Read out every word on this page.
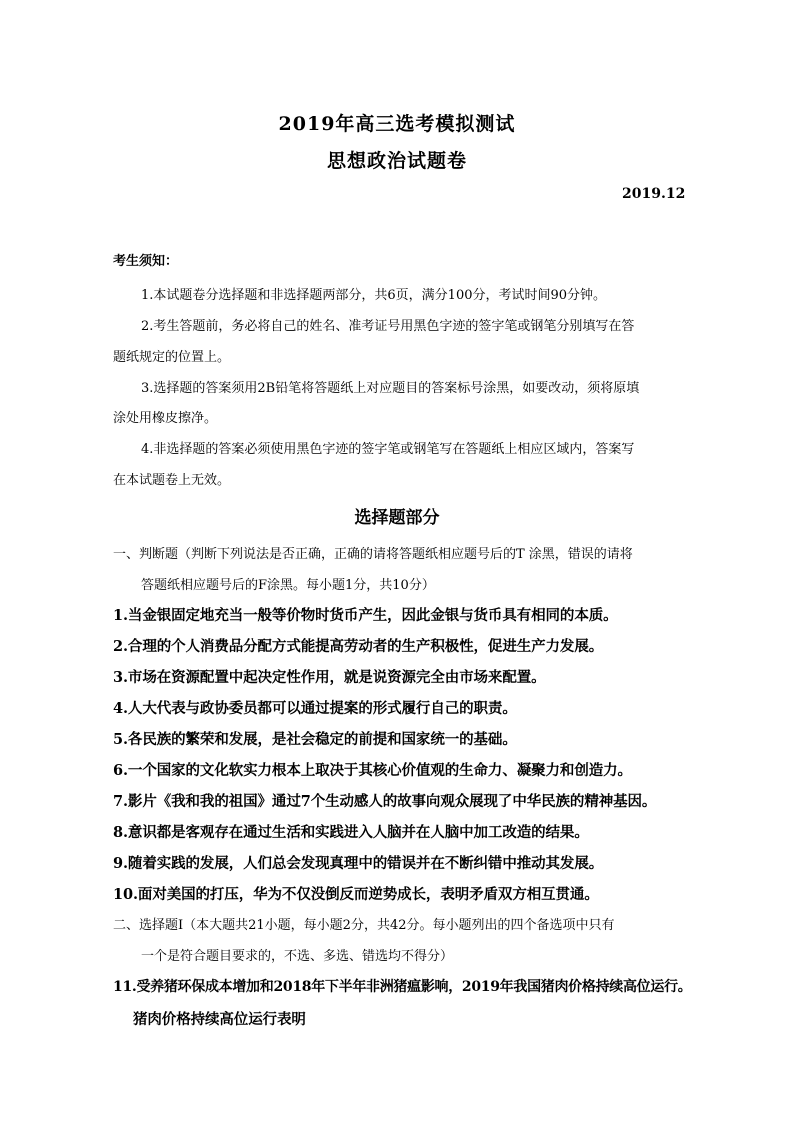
2019年高三选考模拟测试
思想政治试题卷
2019.12
考生须知：
1.本试题卷分选择题和非选择题两部分，共6页，满分100分，考试时间90分钟。
2.考生答题前，务必将自己的姓名、准考证号用黑色字迹的签字笔或钢笔分别填写在答
题纸规定的位置上。
3.选择题的答案须用2B铅笔将答题纸上对应题目的答案标号涂黑，如要改动，须将原填
涂处用橡皮擦净。
4.非选择题的答案必须使用黑色字迹的签字笔或钢笔写在答题纸上相应区域内，答案写
在本试题卷上无效。
选择题部分
一、判断题（判断下列说法是否正确，正确的请将答题纸相应题号后的T 涂黑，错误的请将
答题纸相应题号后的F涂黑。每小题1分，共10分）
1.当金银固定地充当一般等价物时货币产生，因此金银与货币具有相同的本质。
2.合理的个人消费品分配方式能提高劳动者的生产积极性，促进生产力发展。
3.市场在资源配置中起决定性作用，就是说资源完全由市场来配置。
4.人大代表与政协委员都可以通过提案的形式履行自己的职责。
5.各民族的繁荣和发展，是社会稳定的前提和国家统一的基础。
6.一个国家的文化软实力根本上取决于其核心价值观的生命力、凝聚力和创造力。
7.影片《我和我的祖国》通过7个生动感人的故事向观众展现了中华民族的精神基因。
8.意识都是客观存在通过生活和实践进入人脑并在人脑中加工改造的结果。
9.随着实践的发展，人们总会发现真理中的错误并在不断纠错中推动其发展。
10.面对美国的打压，华为不仅没倒反而逆势成长，表明矛盾双方相互贯通。
二、选择题Ⅰ（本大题共21小题，每小题2分，共42分。每小题列出的四个备选项中只有
一个是符合题目要求的，不选、多选、错选均不得分）
11.受养猪环保成本增加和2018年下半年非洲猪瘟影响，2019年我国猪肉价格持续高位运行。
猪肉价格持续高位运行表明
